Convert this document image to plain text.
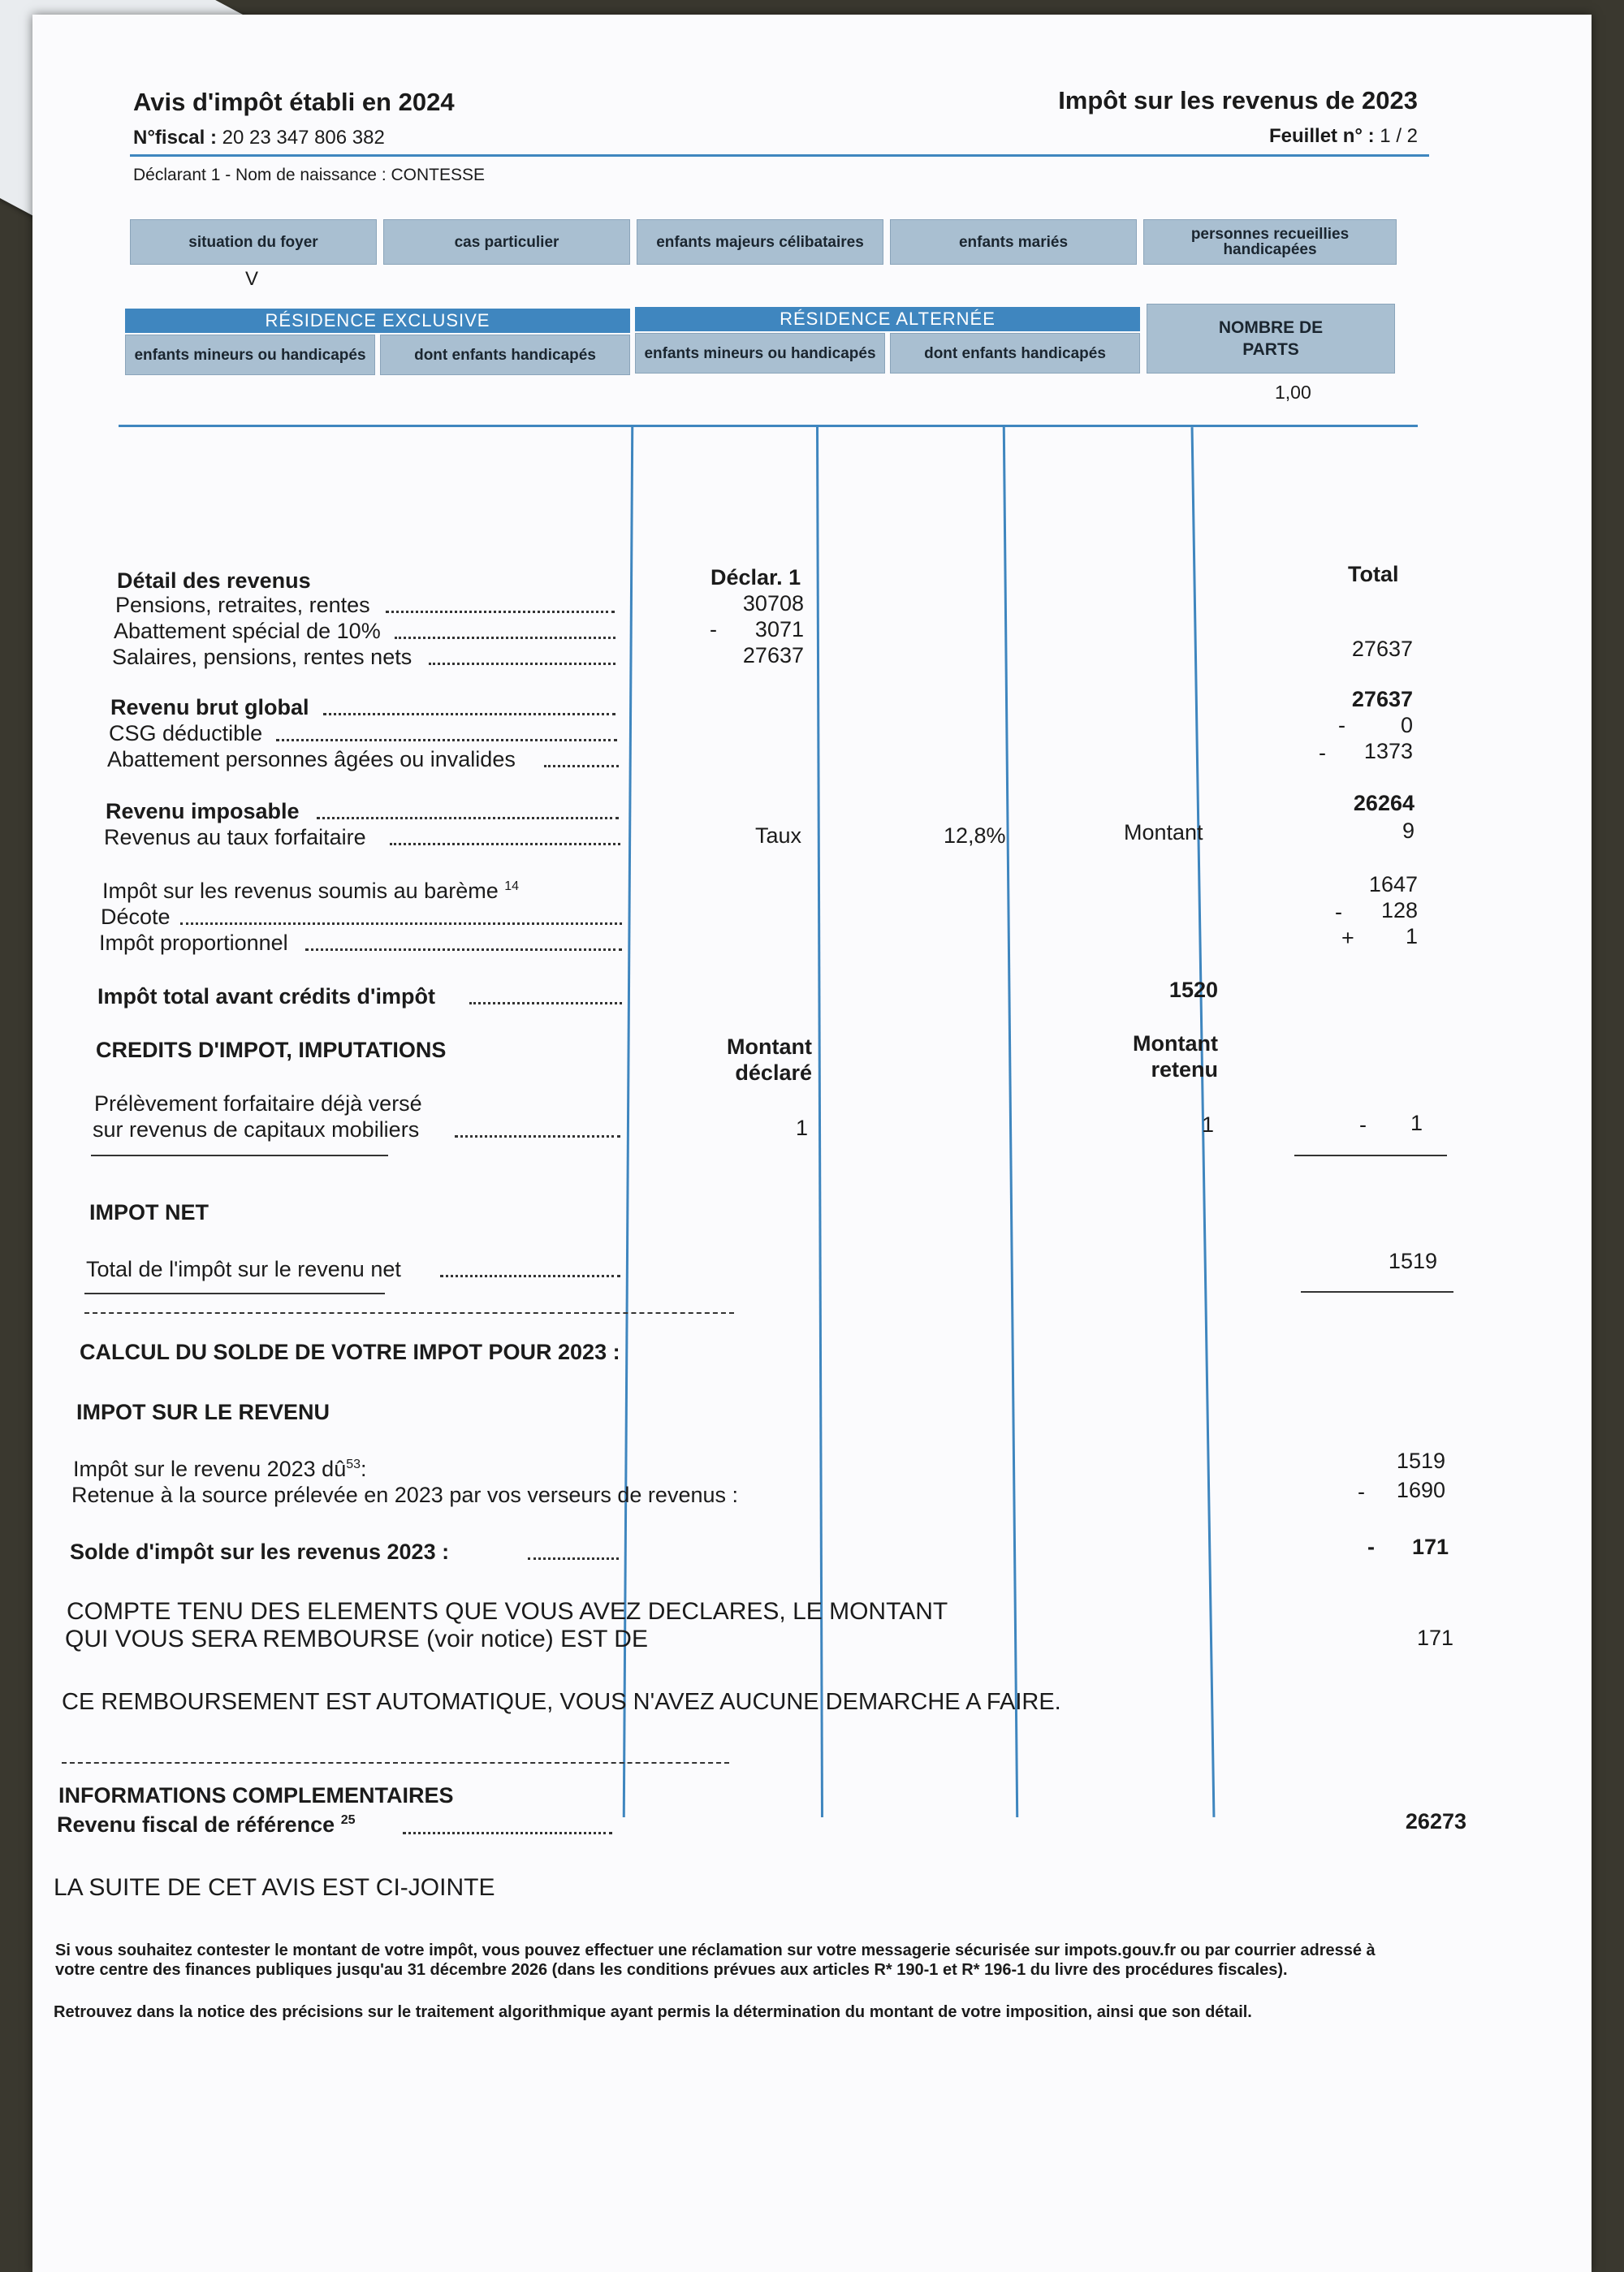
Avis d'impôt établi en 2024	Impôt sur les revenus de 2023
N°fiscal : 20 23 347 806 382	Feuillet n° : 1 / 2
Déclarant 1 - Nom de naissance : CONTESSE
situation du foyer	cas particulier	enfants majeurs célibataires	enfants mariés	personnes recueillies handicapées
V
RÉSIDENCE EXCLUSIVE	RÉSIDENCE ALTERNÉE
enfants mineurs ou handicapés	dont enfants handicapés	enfants mineurs ou handicapés	dont enfants handicapés
NOMBRE DE PARTS
1,00
Détail des revenus	Déclar. 1	Total
Pensions, retraites, rentes	30708
Abattement spécial de 10%	-	3071
Salaires, pensions, rentes nets	27637	27637
Revenu brut global	27637
CSG déductible	-	0
Abattement personnes âgées ou invalides	-	1373
Revenu imposable	26264
Revenus au taux forfaitaire	Taux	12,8%	Montant	9
Impôt sur les revenus soumis au barème $^{14}$	1647
Décote	-	128
Impôt proportionnel	+	1
Impôt total avant crédits d'impôt	1520
CREDITS D'IMPOT, IMPUTATIONS	Montant
déclaré
Montant
retenu
Prélèvement forfaitaire déjà versé
sur revenus de capitaux mobiliers	1	1	-	1
IMPOT NET
Total de l'impôt sur le revenu net	1519
CALCUL DU SOLDE DE VOTRE IMPOT POUR 2023 :
IMPOT SUR LE REVENU
Impôt sur le revenu 2023 $dû^{53}$:	1519
Retenue à la source prélevée en 2023 par vos verseurs de revenus :	-	1690
Solde d'impôt sur les revenus 2023 :	-	171
COMPTE TENU DES ELEMENTS QUE VOUS AVEZ DECLARES, LE MONTANT
QUI VOUS SERA REMBOURSE (voir notice) EST DE	171
CE REMBOURSEMENT EST AUTOMATIQUE, VOUS N'AVEZ AUCUNE DEMARCHE A FAIRE.
INFORMATIONS COMPLEMENTAIRES
Revenu fiscal de référence $^{25}$	26273
LA SUITE DE CET AVIS EST CI-JOINTE
Si vous souhaitez contester le montant de votre impôt, vous pouvez effectuer une réclamation sur votre messagerie sécurisée sur impots.gouv.fr ou par courrier adressé à
votre centre des finances publiques jusqu'au 31 décembre 2026 (dans les conditions prévues aux articles R* 190-1 et R* 196-1 du livre des procédures fiscales).
Retrouvez dans la notice des précisions sur le traitement algorithmique ayant permis la détermination du montant de votre imposition, ainsi que son détail.
